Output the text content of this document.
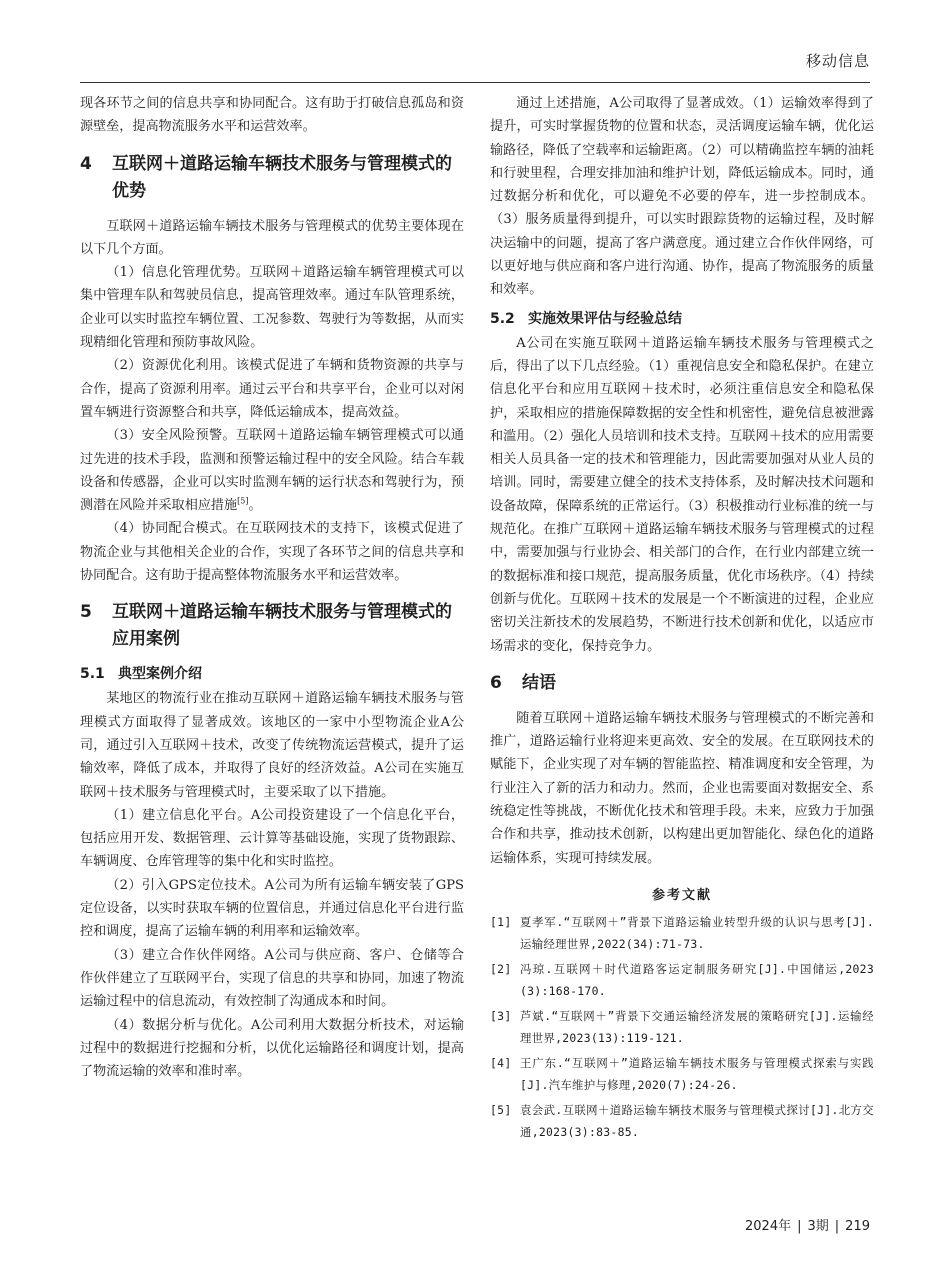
移动信息

现各环节之间的信息共享和协同配合。这有助于打破信息孤岛和资源壁垒，提高物流服务水平和运营效率。

4	互联网＋道路运输车辆技术服务与管理模式的优势

互联网＋道路运输车辆技术服务与管理模式的优势主要体现在以下几个方面。

（1）信息化管理优势。互联网＋道路运输车辆管理模式可以集中管理车队和驾驶员信息，提高管理效率。通过车队管理系统，企业可以实时监控车辆位置、工况参数、驾驶行为等数据，从而实现精细化管理和预防事故风险。

（2）资源优化利用。该模式促进了车辆和货物资源的共享与合作，提高了资源利用率。通过云平台和共享平台，企业可以对闲置车辆进行资源整合和共享，降低运输成本，提高效益。

（3）安全风险预警。互联网＋道路运输车辆管理模式可以通过先进的技术手段，监测和预警运输过程中的安全风险。结合车载设备和传感器，企业可以实时监测车辆的运行状态和驾驶行为，预测潜在风险并采取相应措施[5]。

（4）协同配合模式。在互联网技术的支持下，该模式促进了物流企业与其他相关企业的合作，实现了各环节之间的信息共享和协同配合。这有助于提高整体物流服务水平和运营效率。

5	互联网＋道路运输车辆技术服务与管理模式的应用案例
5.1 典型案例介绍

某地区的物流行业在推动互联网＋道路运输车辆技术服务与管理模式方面取得了显著成效。该地区的一家中小型物流企业A公司，通过引入互联网＋技术，改变了传统物流运营模式，提升了运输效率，降低了成本，并取得了良好的经济效益。A公司在实施互联网＋技术服务与管理模式时，主要采取了以下措施。

（1）建立信息化平台。A公司投资建设了一个信息化平台，包括应用开发、数据管理、云计算等基础设施，实现了货物跟踪、车辆调度、仓库管理等的集中化和实时监控。

（2）引入GPS定位技术。A公司为所有运输车辆安装了GPS定位设备，以实时获取车辆的位置信息，并通过信息化平台进行监控和调度，提高了运输车辆的利用率和运输效率。

（3）建立合作伙伴网络。A公司与供应商、客户、仓储等合作伙伴建立了互联网平台，实现了信息的共享和协同，加速了物流运输过程中的信息流动，有效控制了沟通成本和时间。

（4）数据分析与优化。A公司利用大数据分析技术，对运输过程中的数据进行挖掘和分析，以优化运输路径和调度计划，提高了物流运输的效率和准时率。

通过上述措施，A公司取得了显著成效。（1）运输效率得到了提升，可实时掌握货物的位置和状态，灵活调度运输车辆，优化运输路径，降低了空载率和运输距离。（2）可以精确监控车辆的油耗和行驶里程，合理安排加油和维护计划，降低运输成本。同时，通过数据分析和优化，可以避免不必要的停车，进一步控制成本。（3）服务质量得到提升，可以实时跟踪货物的运输过程，及时解决运输中的问题，提高了客户满意度。通过建立合作伙伴网络，可以更好地与供应商和客户进行沟通、协作，提高了物流服务的质量和效率。

5.2 实施效果评估与经验总结

A公司在实施互联网＋道路运输车辆技术服务与管理模式之后，得出了以下几点经验。（1）重视信息安全和隐私保护。在建立信息化平台和应用互联网＋技术时，必须注重信息安全和隐私保护，采取相应的措施保障数据的安全性和机密性，避免信息被泄露和滥用。（2）强化人员培训和技术支持。互联网＋技术的应用需要相关人员具备一定的技术和管理能力，因此需要加强对从业人员的培训。同时，需要建立健全的技术支持体系，及时解决技术问题和设备故障，保障系统的正常运行。（3）积极推动行业标准的统一与规范化。在推广互联网＋道路运输车辆技术服务与管理模式的过程中，需要加强与行业协会、相关部门的合作，在行业内部建立统一的数据标准和接口规范，提高服务质量，优化市场秩序。（4）持续创新与优化。互联网＋技术的发展是一个不断演进的过程，企业应密切关注新技术的发展趋势，不断进行技术创新和优化，以适应市场需求的变化，保持竞争力。

6	结语

随着互联网＋道路运输车辆技术服务与管理模式的不断完善和推广，道路运输行业将迎来更高效、安全的发展。在互联网技术的赋能下，企业实现了对车辆的智能监控、精准调度和安全管理，为行业注入了新的活力和动力。然而，企业也需要面对数据安全、系统稳定性等挑战，不断优化技术和管理手段。未来，应致力于加强合作和共享，推动技术创新，以构建出更加智能化、绿色化的道路运输体系，实现可持续发展。

参考文献
[1] 夏孝军.“互联网＋”背景下道路运输业转型升级的认识与思考[J].运输经理世界,2022(34):71-73.
[2] 冯琼.互联网＋时代道路客运定制服务研究[J].中国储运,2023(3):168-170.
[3] 芦斌.“互联网＋”背景下交通运输经济发展的策略研究[J].运输经理世界,2023(13):119-121.
[4] 王广东.“互联网＋”道路运输车辆技术服务与管理模式探索与实践[J].汽车维护与修理,2020(7):24-26.
[5] 袁会武.互联网＋道路运输车辆技术服务与管理模式探讨[J].北方交通,2023(3):83-85.
2024年 | 3期 | 219
